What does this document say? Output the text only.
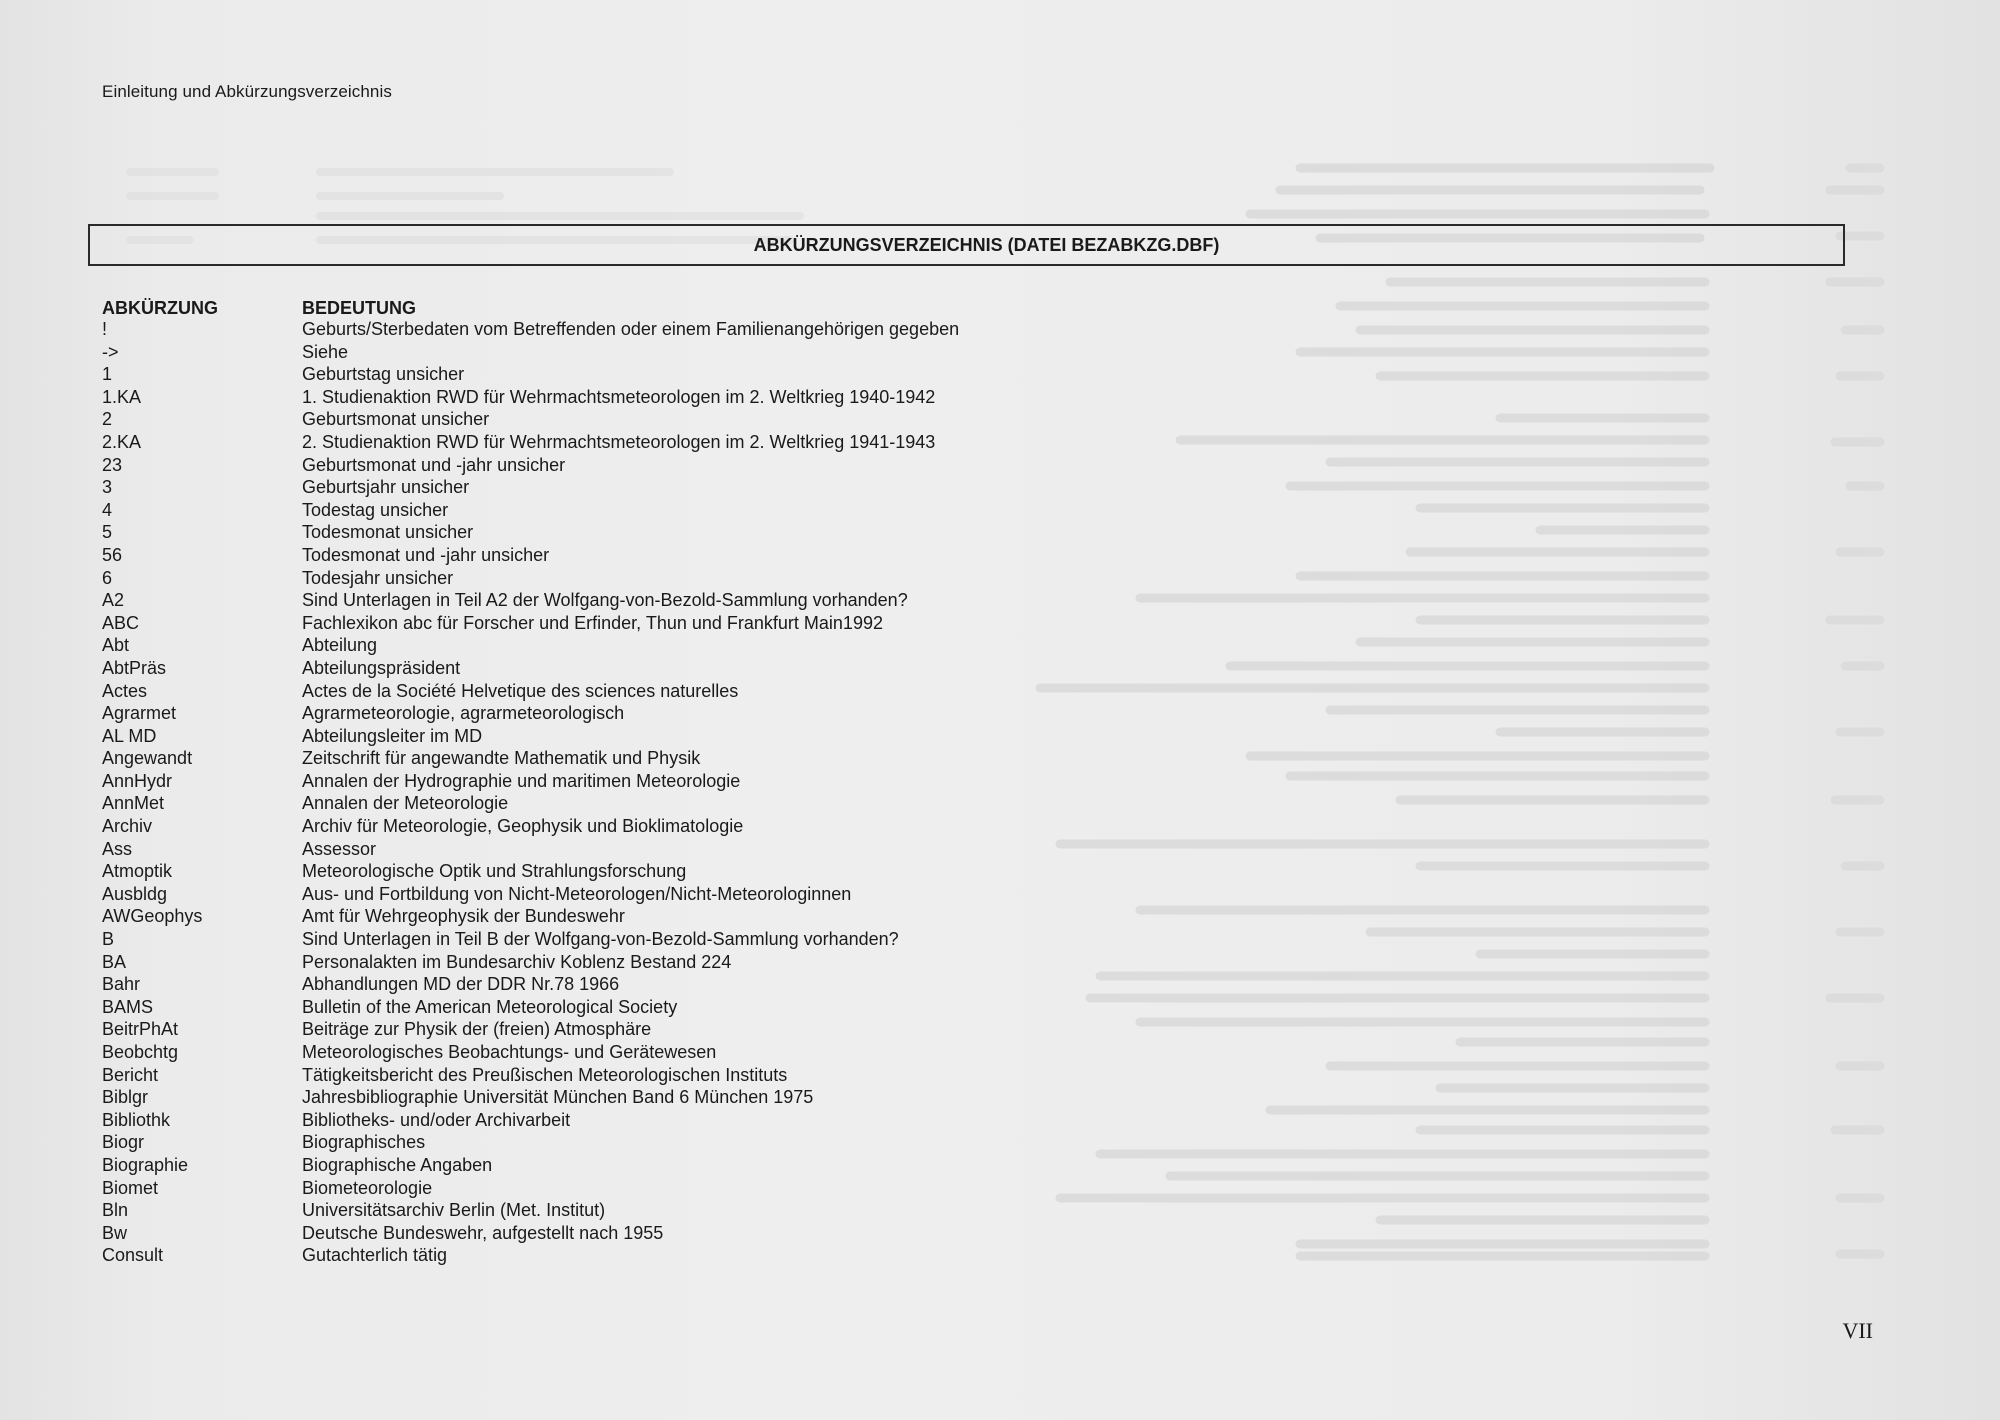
Einleitung und Abkürzungsverzeichnis
ABKÜRZUNGSVERZEICHNIS (DATEI BEZABKZG.DBF)
ABKÜRZUNG	BEDEUTUNG
!	Geburts/Sterbedaten vom Betreffenden oder einem Familienangehörigen gegeben
->	Siehe
1	Geburtstag unsicher
1.KA	1. Studienaktion RWD für Wehrmachtsmeteorologen im 2. Weltkrieg 1940-1942
2	Geburtsmonat unsicher
2.KA	2. Studienaktion RWD für Wehrmachtsmeteorologen im 2. Weltkrieg 1941-1943
23	Geburtsmonat und -jahr unsicher
3	Geburtsjahr unsicher
4	Todestag unsicher
5	Todesmonat unsicher
56	Todesmonat und -jahr unsicher
6	Todesjahr unsicher
A2	Sind Unterlagen in Teil A2 der Wolfgang-von-Bezold-Sammlung vorhanden?
ABC	Fachlexikon abc für Forscher und Erfinder, Thun und Frankfurt Main1992
Abt	Abteilung
AbtPräs	Abteilungspräsident
Actes	Actes de la Société Helvetique des sciences naturelles
Agrarmet	Agrarmeteorologie, agrarmeteorologisch
AL MD	Abteilungsleiter im MD
Angewandt	Zeitschrift für angewandte Mathematik und Physik
AnnHydr	Annalen der Hydrographie und maritimen Meteorologie
AnnMet	Annalen der Meteorologie
Archiv	Archiv für Meteorologie, Geophysik und Bioklimatologie
Ass	Assessor
Atmoptik	Meteorologische Optik und Strahlungsforschung
Ausbldg	Aus- und Fortbildung von Nicht-Meteorologen/Nicht-Meteorologinnen
AWGeophys	Amt für Wehrgeophysik der Bundeswehr
B	Sind Unterlagen in Teil B der Wolfgang-von-Bezold-Sammlung vorhanden?
BA	Personalakten im Bundesarchiv Koblenz Bestand 224
Bahr	Abhandlungen MD der DDR Nr.78 1966
BAMS	Bulletin of the American Meteorological Society
BeitrPhAt	Beiträge zur Physik der (freien) Atmosphäre
Beobchtg	Meteorologisches Beobachtungs- und Gerätewesen
Bericht	Tätigkeitsbericht des Preußischen Meteorologischen Instituts
Biblgr	Jahresbibliographie Universität München Band 6 München 1975
Bibliothk	Bibliotheks- und/oder Archivarbeit
Biogr	Biographisches
Biographie	Biographische Angaben
Biomet	Biometeorologie
Bln	Universitätsarchiv Berlin (Met. Institut)
Bw	Deutsche Bundeswehr, aufgestellt nach 1955
Consult	Gutachterlich tätig
VII
